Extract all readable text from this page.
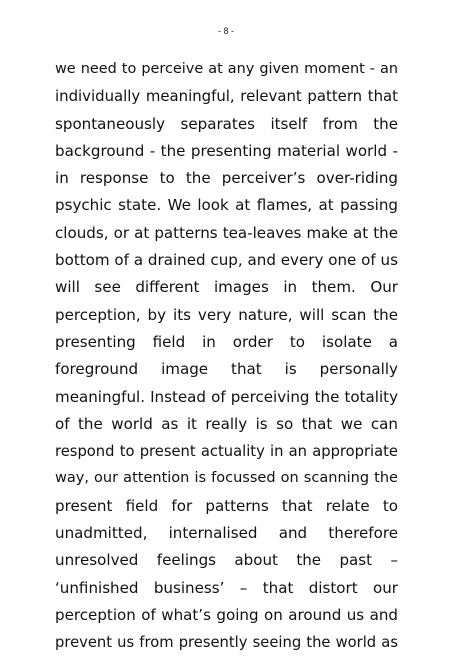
- 8 -
we need to perceive at any given moment - an
individually meaningful, relevant pattern that
spontaneously separates itself from the
background - the presenting material world -
in response to the perceiver’s over-riding
psychic state. We look at flames, at passing
clouds, or at patterns tea-leaves make at the
bottom of a drained cup, and every one of us
will see different images in them. Our
perception, by its very nature, will scan the
presenting field in order to isolate a
foreground image that is personally
meaningful. Instead of perceiving the totality
of the world as it really is so that we can
respond to present actuality in an appropriate
way, our attention is focussed on scanning the
present field for patterns that relate to
unadmitted, internalised and therefore
unresolved feelings about the past –
‘unfinished business’ – that distort our
perception of what’s going on around us and
prevent us from presently seeing the world as
